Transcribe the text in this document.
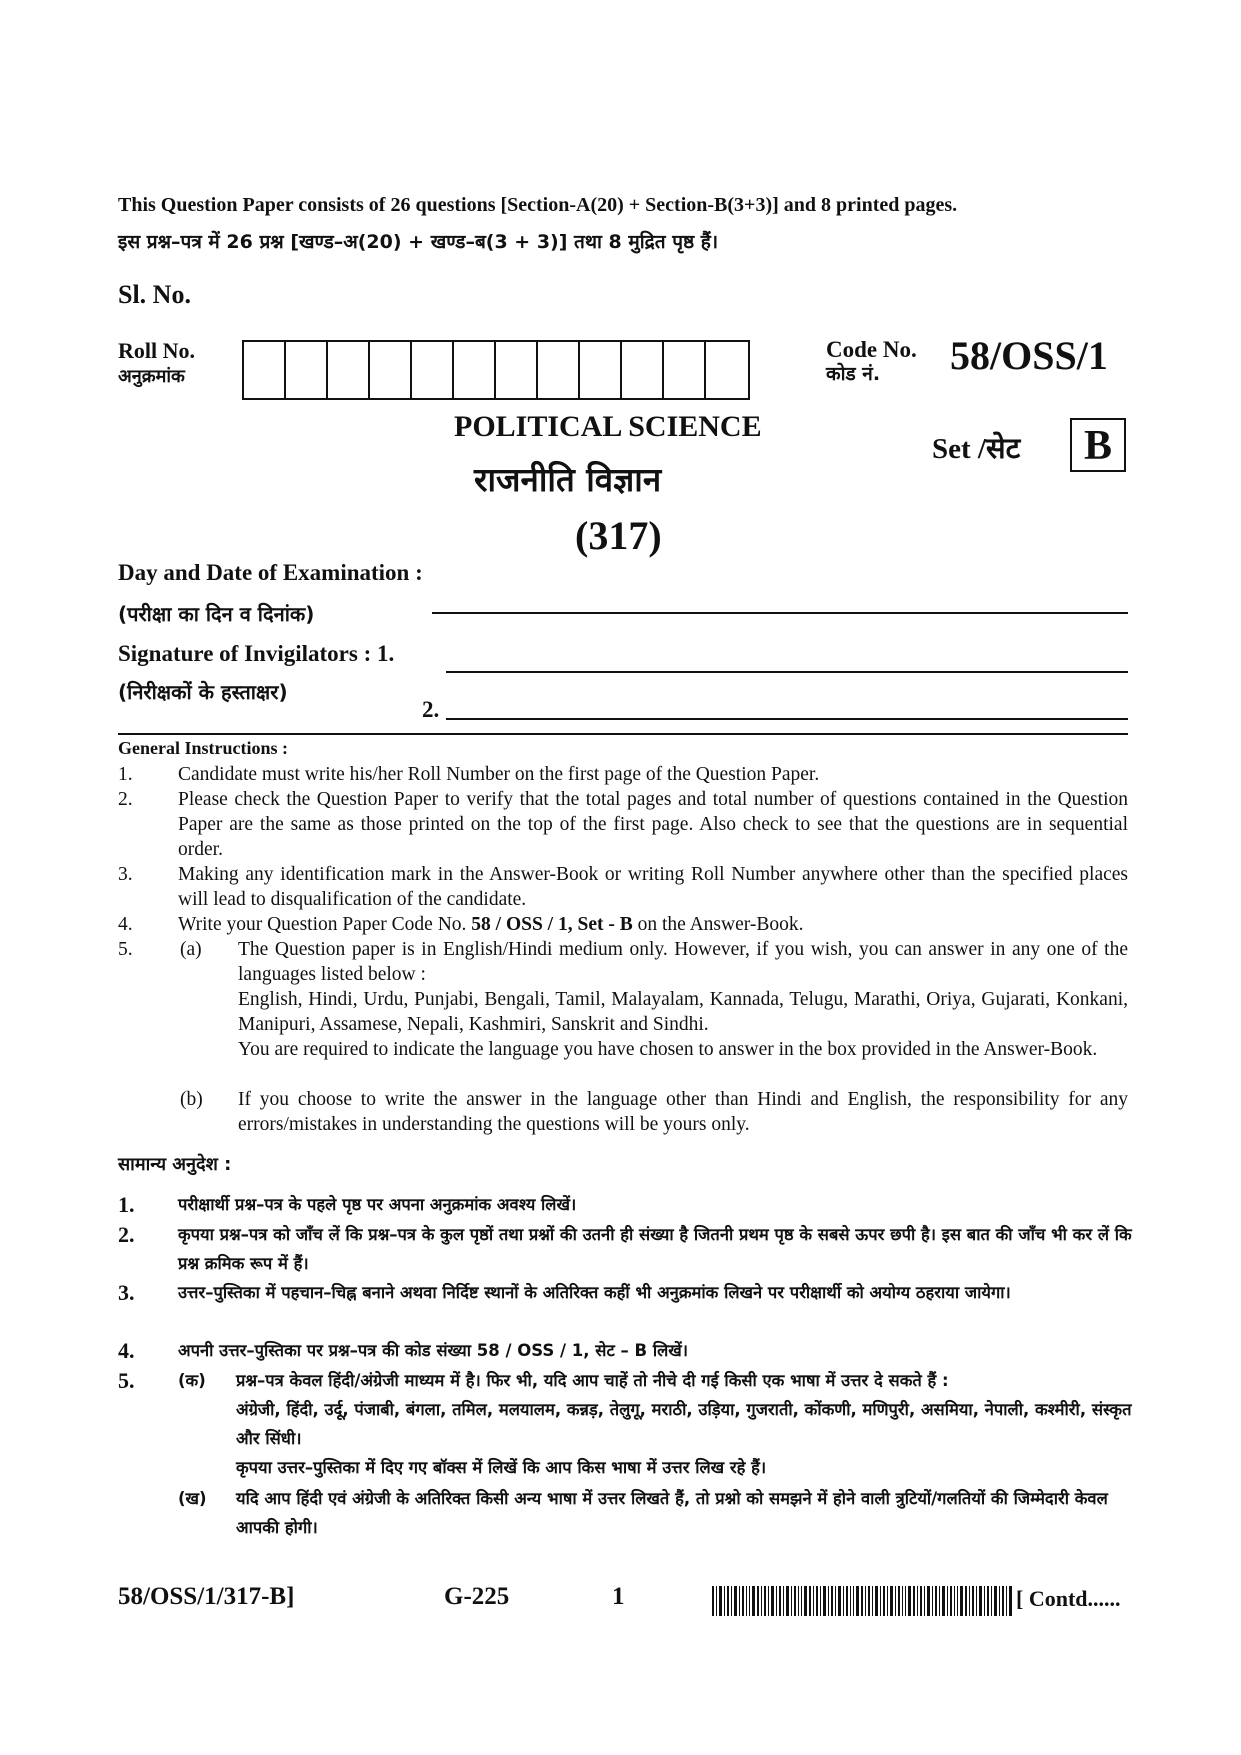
This Question Paper consists of 26 questions [Section-A(20) + Section-B(3+3)] and 8 printed pages.
इस प्रश्न–पत्र में 26 प्रश्न [खण्ड–अ(20) + खण्ड–ब(3 + 3)] तथा 8 मुद्रित पृष्ठ हैं।
Sl. No.
Roll No.
अनुक्रमांक
Code No.
कोड नं.	58/OSS/1
POLITICAL SCIENCE
राजनीति विज्ञान
(317)
Set /सेट	B
Day and Date of Examination :
(परीक्षा का दिन व दिनांक)
Signature of Invigilators : 1.
(निरीक्षकों के हस्ताक्षर)
2.
General Instructions :
1. Candidate must write his/her Roll Number on the first page of the Question Paper.
2. Please check the Question Paper to verify that the total pages and total number of questions contained in the Question Paper are the same as those printed on the top of the first page. Also check to see that the questions are in sequential order.
3. Making any identification mark in the Answer-Book or writing Roll Number anywhere other than the specified places will lead to disqualification of the candidate.
4. Write your Question Paper Code No. 58 / OSS / 1, Set - B on the Answer-Book.
5. (a) The Question paper is in English/Hindi medium only. However, if you wish, you can answer in any one of the languages listed below :
English, Hindi, Urdu, Punjabi, Bengali, Tamil, Malayalam, Kannada, Telugu, Marathi, Oriya, Gujarati, Konkani, Manipuri, Assamese, Nepali, Kashmiri, Sanskrit and Sindhi.
You are required to indicate the language you have chosen to answer in the box provided in the Answer-Book.
(b) If you choose to write the answer in the language other than Hindi and English, the responsibility for any errors/mistakes in understanding the questions will be yours only.
सामान्य अनुदेश :
1.	परीक्षार्थी प्रश्न–पत्र के पहले पृष्ठ पर अपना अनुक्रमांक अवश्य लिखें।
2.	कृपया प्रश्न–पत्र को जाँच लें कि प्रश्न–पत्र के कुल पृष्ठों तथा प्रश्नों की उतनी ही संख्या है जितनी प्रथम पृष्ठ के सबसे ऊपर छपी है। इस बात की जाँच भी कर लें कि प्रश्न क्रमिक रूप में हैं।
3.	उत्तर–पुस्तिका में पहचान–चिह्न बनाने अथवा निर्दिष्ट स्थानों के अतिरिक्त कहीं भी अनुक्रमांक लिखने पर परीक्षार्थी को अयोग्य ठहराया जायेगा।
4.	अपनी उत्तर–पुस्तिका पर प्रश्न–पत्र की कोड संख्या 58 / OSS / 1, सेट – B लिखें।
5.	(क) प्रश्न–पत्र केवल हिंदी/अंग्रेजी माध्यम में है। फिर भी, यदि आप चाहें तो नीचे दी गई किसी एक भाषा में उत्तर दे सकते हैं :
अंग्रेजी, हिंदी, उर्दू, पंजाबी, बंगला, तमिल, मलयालम, कन्नड़, तेलुगू, मराठी, उड़िया, गुजराती, कोंकणी, मणिपुरी, असमिया, नेपाली, कश्मीरी, संस्कृत और सिंधी।
कृपया उत्तर–पुस्तिका में दिए गए बॉक्स में लिखें कि आप किस भाषा में उत्तर लिख रहे हैं।
(ख) यदि आप हिंदी एवं अंग्रेजी के अतिरिक्त किसी अन्य भाषा में उत्तर लिखते हैं, तो प्रश्नो को समझने में होने वाली त्रुटियों/गलतियों की जिम्मेदारी केवल आपकी होगी।
58/OSS/1/317-B]	G-225	1	[ Contd......
